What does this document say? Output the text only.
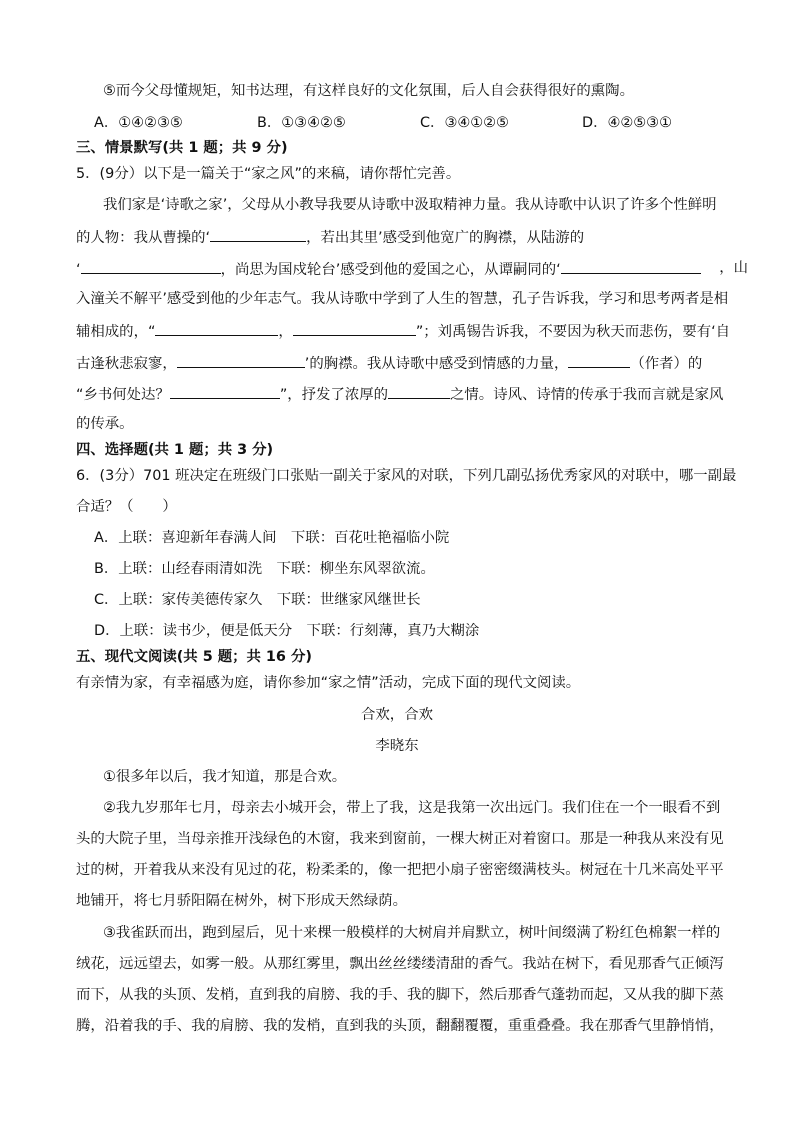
⑤而今父母懂规矩，知书达理，有这样良好的文化氛围，后人自会获得很好的熏陶。
A．①④②③⑤	B．①③④②⑤	C．③④①②⑤	D．④②⑤③①
三、情景默写(共 1 题；共 9 分)
5．(9分）以下是一篇关于“家之风”的来稿，请你帮忙完善。
我们家是‘诗歌之家’，父母从小教导我要从诗歌中汲取精神力量。我从诗歌中认识了许多个性鲜明
的人物：我从曹操的‘	，若出其里’感受到他宽广的胸襟，从陆游的
‘	，尚思为国戍轮台’感受到他的爱国之心，从谭嗣同的‘	，山
入潼关不解平’感受到他的少年志气。我从诗歌中学到了人生的智慧，孔子告诉我，学习和思考两者是相
辅相成的，“	，	”；刘禹锡告诉我，不要因为秋天而悲伤，要有‘自
古逢秋悲寂寥，	’的胸襟。我从诗歌中感受到情感的力量，	（作者）的
“乡书何处达？	”，抒发了浓厚的	之情。诗风、诗情的传承于我而言就是家风
的传承。
四、选择题(共 1 题；共 3 分)
6．(3分）701 班决定在班级门口张贴一副关于家风的对联，下列几副弘扬优秀家风的对联中，哪一副最
合适？（　　）
A．上联：喜迎新年春满人间　下联：百花吐艳福临小院
B．上联：山经春雨清如洗　下联：柳坐东风翠欲流。
C．上联：家传美德传家久　下联：世继家风继世长
D．上联：读书少，便是低天分　下联：行刻薄，真乃大糊涂
五、现代文阅读(共 5 题；共 16 分)
有亲情为家，有幸福感为庭，请你参加“家之情”活动，完成下面的现代文阅读。
合欢，合欢
李晓东
①很多年以后，我才知道，那是合欢。
②我九岁那年七月，母亲去小城开会，带上了我，这是我第一次出远门。我们住在一个一眼看不到
头的大院子里，当母亲推开浅绿色的木窗，我来到窗前，一棵大树正对着窗口。那是一种我从来没有见
过的树，开着我从来没有见过的花，粉柔柔的，像一把把小扇子密密缀满枝头。树冠在十几米高处平平
地铺开，将七月骄阳隔在树外，树下形成天然绿荫。
③我雀跃而出，跑到屋后，见十来棵一般模样的大树肩并肩默立，树叶间缀满了粉红色棉絮一样的
绒花，远远望去，如雾一般。从那红雾里，飘出丝丝缕缕清甜的香气。我站在树下，看见那香气正倾泻
而下，从我的头顶、发梢，直到我的肩膀、我的手、我的脚下，然后那香气蓬勃而起，又从我的脚下蒸
腾，沿着我的手、我的肩膀、我的发梢，直到我的头顶，翻翻覆覆，重重叠叠。我在那香气里静悄悄，
